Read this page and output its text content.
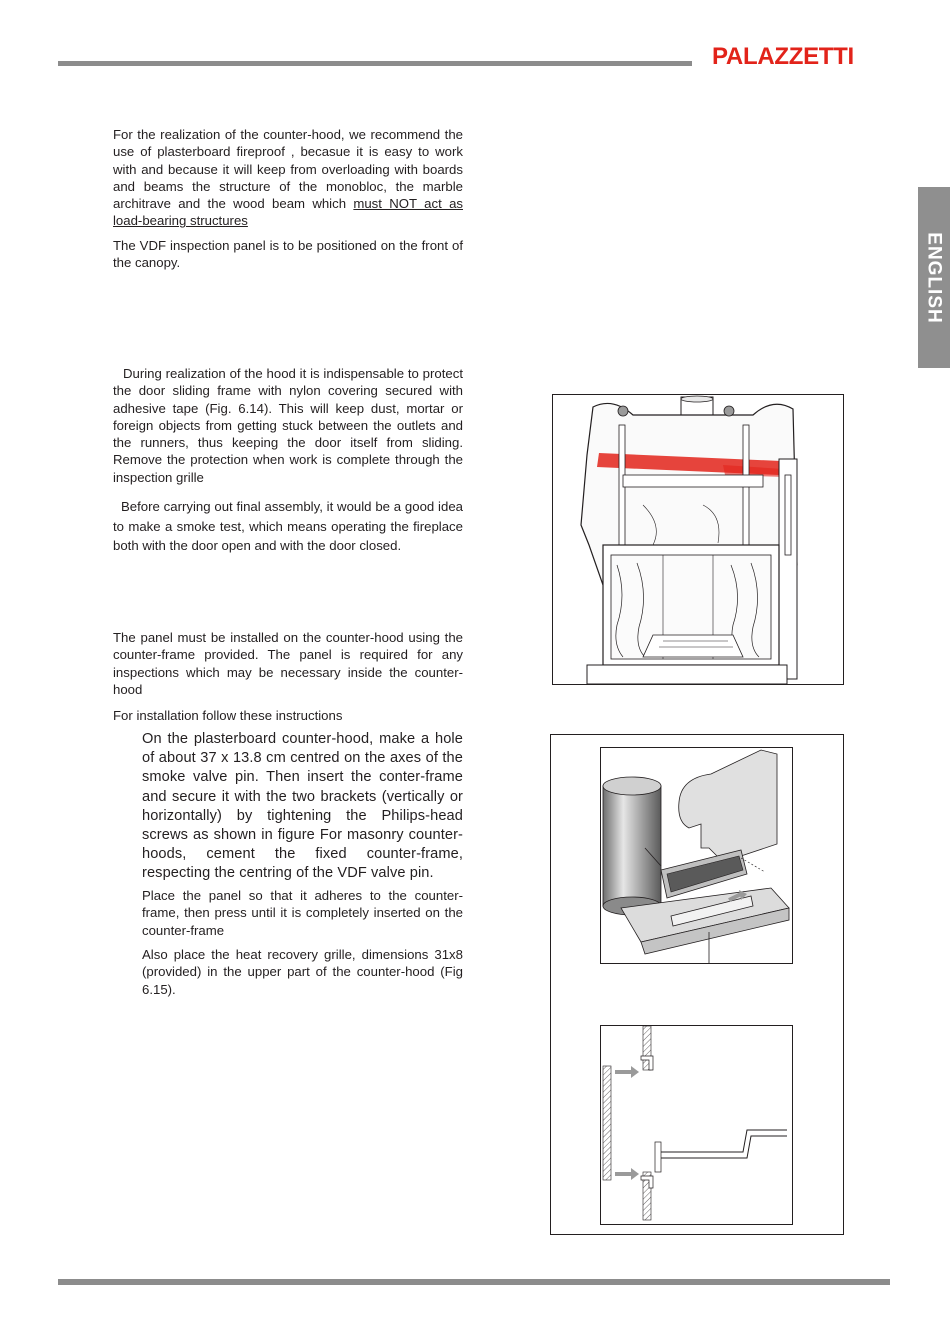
PALAZZETTI
ENGLISH

For the realization of the counter-hood, we recommend the use of plasterboard fireproof , becasue it is easy to work with and because it will keep from overloading with boards and beams the structure of the monobloc, the marble architrave and the wood beam which must NOT act as load-bearing structures

The VDF inspection panel is to be positioned on the front of the canopy.

During realization of the hood it is indispensable to protect the door sliding frame with nylon covering secured with adhesive tape (Fig. 6.14). This will keep dust, mortar or foreign objects from getting stuck between the outlets and the runners, thus keeping the door itself from sliding. Remove the protection when work is complete through the inspection grille

Before carrying out final assembly, it would be a good idea to make a smoke test, which means operating the fireplace both with the door open and with the door closed.

The panel must be installed on the counter-hood using the counter-frame provided. The panel is required for any inspections which may be necessary inside the counter-hood

For installation follow these instructions

On the plasterboard counter-hood, make a hole of about 37 x 13.8 cm centred on the axes of the smoke valve pin. Then insert the conter-frame and secure it with the two brackets (vertically or horizontally) by tightening the Philips-head screws as shown in figure For masonry counter-hoods, cement the fixed counter-frame, respecting the centring of the VDF valve pin.

Place the panel so that it adheres to the counter-frame, then press until it is completely inserted on the counter-frame

Also place the heat recovery grille, dimensions 31x8 (provided) in the upper part of the counter-hood (Fig 6.15).
